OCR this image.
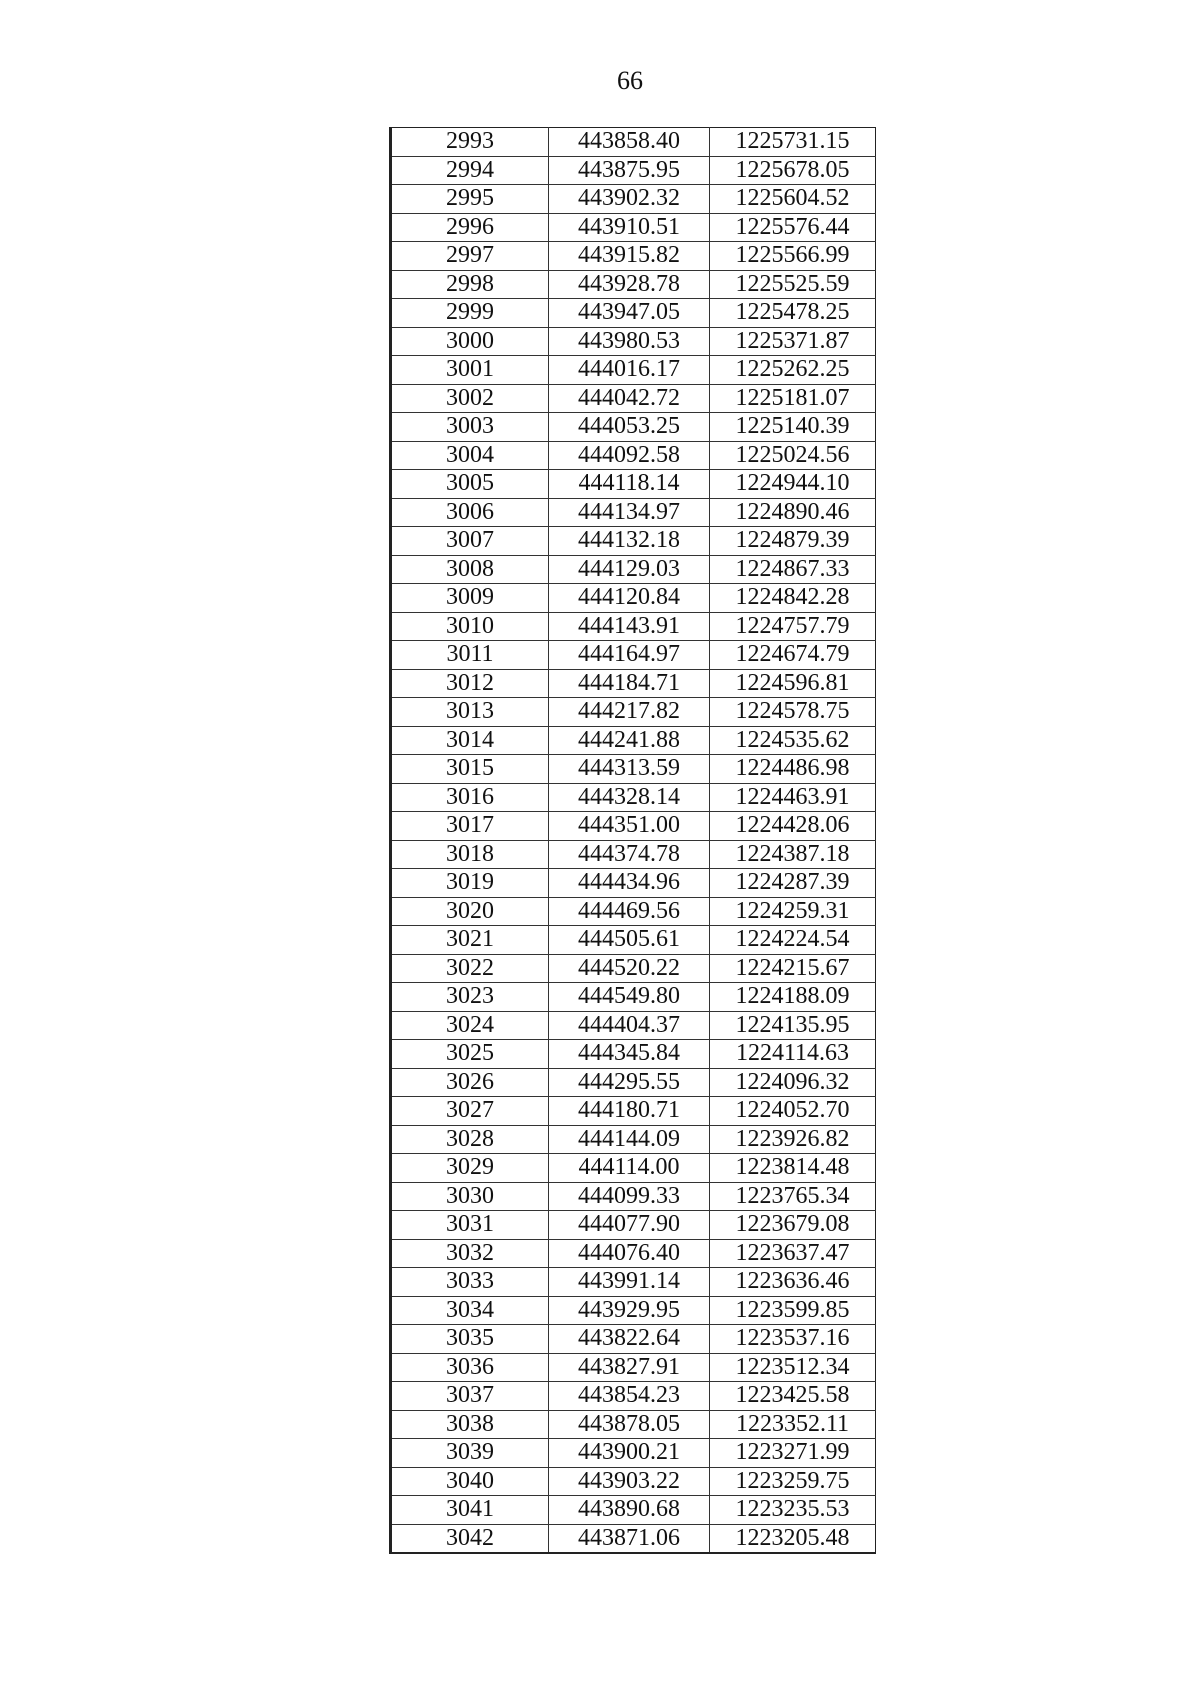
66
2993	443858.40	1225731.15
2994	443875.95	1225678.05
2995	443902.32	1225604.52
2996	443910.51	1225576.44
2997	443915.82	1225566.99
2998	443928.78	1225525.59
2999	443947.05	1225478.25
3000	443980.53	1225371.87
3001	444016.17	1225262.25
3002	444042.72	1225181.07
3003	444053.25	1225140.39
3004	444092.58	1225024.56
3005	444118.14	1224944.10
3006	444134.97	1224890.46
3007	444132.18	1224879.39
3008	444129.03	1224867.33
3009	444120.84	1224842.28
3010	444143.91	1224757.79
3011	444164.97	1224674.79
3012	444184.71	1224596.81
3013	444217.82	1224578.75
3014	444241.88	1224535.62
3015	444313.59	1224486.98
3016	444328.14	1224463.91
3017	444351.00	1224428.06
3018	444374.78	1224387.18
3019	444434.96	1224287.39
3020	444469.56	1224259.31
3021	444505.61	1224224.54
3022	444520.22	1224215.67
3023	444549.80	1224188.09
3024	444404.37	1224135.95
3025	444345.84	1224114.63
3026	444295.55	1224096.32
3027	444180.71	1224052.70
3028	444144.09	1223926.82
3029	444114.00	1223814.48
3030	444099.33	1223765.34
3031	444077.90	1223679.08
3032	444076.40	1223637.47
3033	443991.14	1223636.46
3034	443929.95	1223599.85
3035	443822.64	1223537.16
3036	443827.91	1223512.34
3037	443854.23	1223425.58
3038	443878.05	1223352.11
3039	443900.21	1223271.99
3040	443903.22	1223259.75
3041	443890.68	1223235.53
3042	443871.06	1223205.48
